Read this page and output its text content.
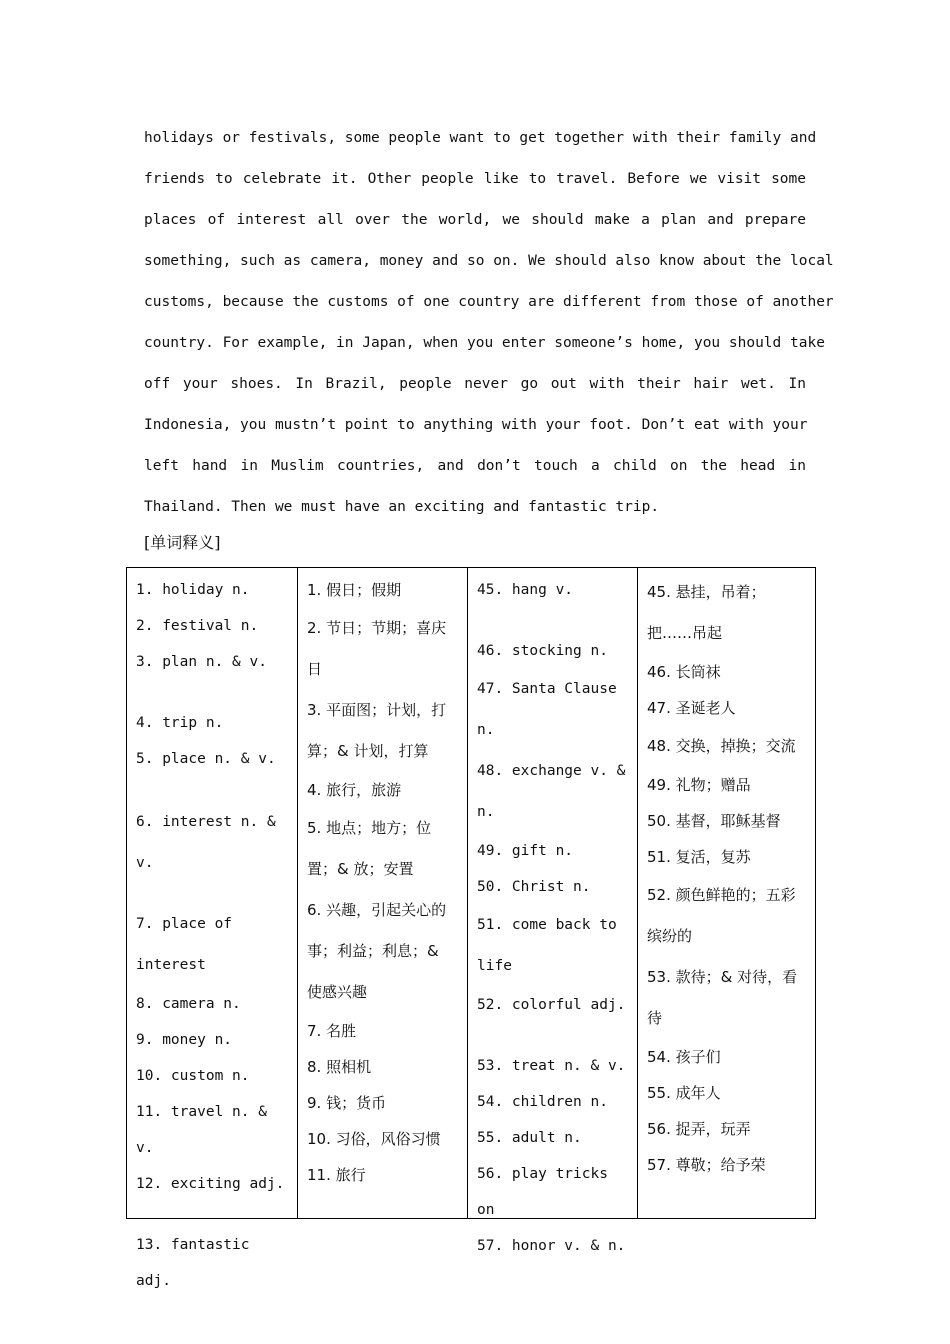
holidays or festivals, some people want to get together with their family and
friends to celebrate it. Other people like to travel. Before we visit some
places of interest all over the world, we should make a plan and prepare
something, such as camera, money and so on. We should also know about the local
customs, because the customs of one country are different from those of another
country. For example, in Japan, when you enter someone’s home, you should take
off your shoes. In Brazil, people never go out with their hair wet. In
Indonesia, you mustn’t point to anything with your foot. Don’t eat with your
left hand in Muslim countries, and don’t touch a child on the head in
Thailand. Then we must have an exciting and fantastic trip.
[单词释义]
1. holiday n.
2. festival n.
3. plan n. & v.
4. trip n.
5. place n. & v.
6. interest n. & v.
7. place of interest
8. camera n.
9. money n.
10. custom n.
11. travel n. & v.
12. exciting adj.
13. fantastic adj.
1. 假日；假期
2. 节日；节期；喜庆日
3. 平面图；计划，打算；& 计划，打算
4. 旅行，旅游
5. 地点；地方；位置；& 放；安置
6. 兴趣，引起关心的事；利益；利息；& 使感兴趣
7. 名胜
8. 照相机
9. 钱；货币
10. 习俗，风俗习惯
11. 旅行
45. hang v.
46. stocking n.
47. Santa Clause n.
48. exchange v. & n.
49. gift n.
50. Christ n.
51. come back to life
52. colorful adj.
53. treat n. & v.
54. children n.
55. adult n.
56. play tricks on
57. honor v. & n.
45. 悬挂，吊着；把……吊起
46. 长筒袜
47. 圣诞老人
48. 交换，掉换；交流
49. 礼物；赠品
50. 基督，耶稣基督
51. 复活，复苏
52. 颜色鲜艳的；五彩缤纷的
53. 款待；& 对待，看待
54. 孩子们
55. 成年人
56. 捉弄，玩弄
57. 尊敬；给予荣
